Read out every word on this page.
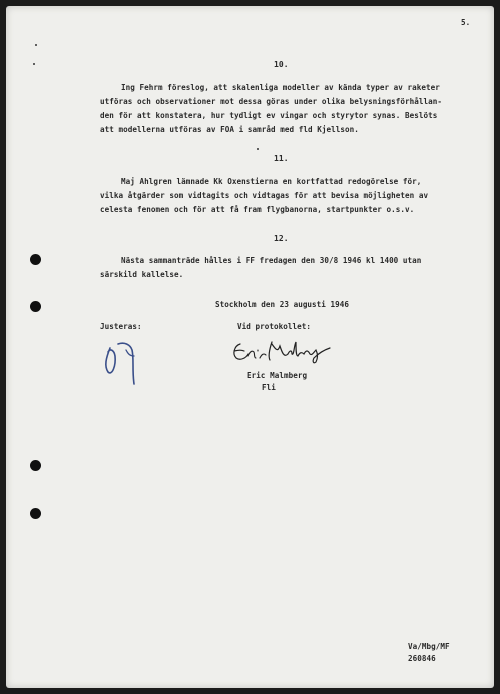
5.
10.
Ing Fehrm föreslog, att skalenliga modeller av kända typer av raketer
utföras och observationer mot dessa göras under olika belysningsförhållan-
den för att konstatera, hur tydligt ev vingar och styrytor synas. Beslöts
att modellerna utföras av FOA i samråd med fld Kjellson.
11.
Maj Ahlgren lämnade Kk Oxenstierna en kortfattad redogörelse för,
vilka åtgärder som vidtagits och vidtagas för att bevisa möjligheten av
celesta fenomen och för att få fram flygbanorna, startpunkter o.s.v.
12.
Nästa sammanträde hålles i FF fredagen den 30/8 1946 kl 1400 utan
särskild kallelse.
Stockholm den 23 augusti 1946
Justeras:	Vid protokollet:
Eric Malmberg
Fli
Va/Mbg/MF
260846
